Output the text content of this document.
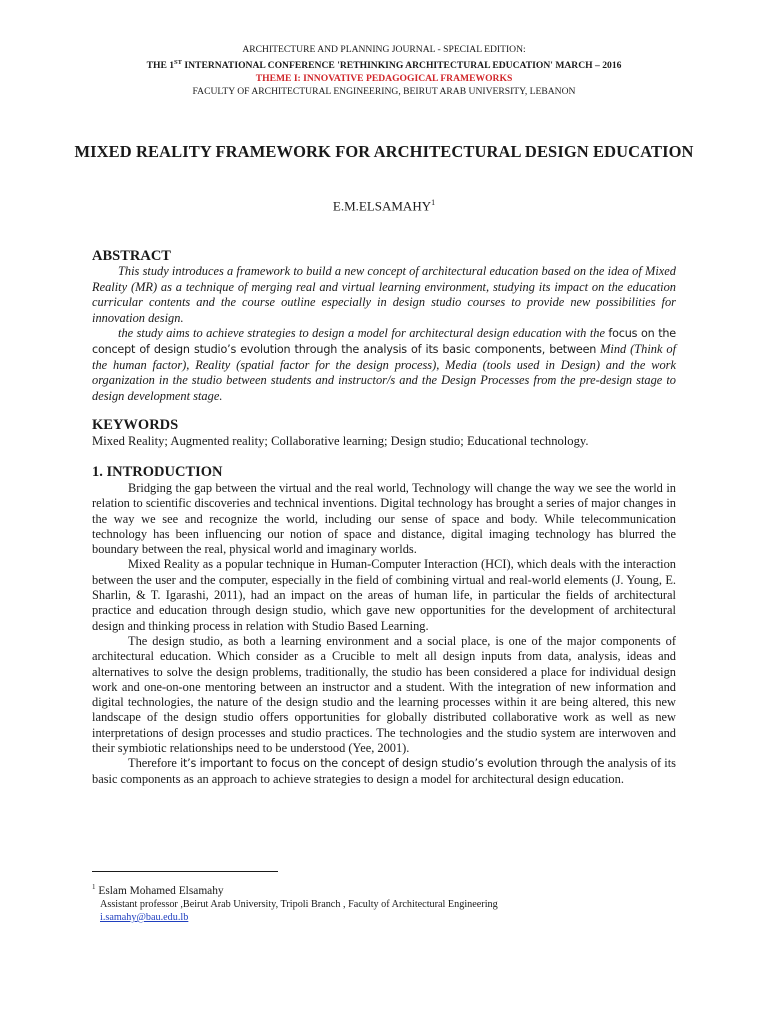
ARCHITECTURE AND PLANNING JOURNAL - SPECIAL EDITION:
THE 1ST INTERNATIONAL CONFERENCE 'RETHINKING ARCHITECTURAL EDUCATION' MARCH – 2016
THEME I: INNOVATIVE PEDAGOGICAL FRAMEWORKS
FACULTY OF ARCHITECTURAL ENGINEERING, BEIRUT ARAB UNIVERSITY, LEBANON
MIXED REALITY FRAMEWORK FOR ARCHITECTURAL DESIGN EDUCATION
E.M.ELSAMAHY$^1$
ABSTRACT

This study introduces a framework to build a new concept of architectural education based on the idea of Mixed Reality (MR) as a technique of merging real and virtual learning environment, studying its impact on the education curricular contents and the course outline especially in design studio courses to provide new possibilities for innovation design.

the study aims to achieve strategies to design a model for architectural design education with the focus on the concept of design studio’s evolution through the analysis of its basic components, between Mind (Think of the human factor), Reality (spatial factor for the design process), Media (tools used in Design) and the work organization in the studio between students and instructor/s and the Design Processes from the pre-design stage to design development stage.

KEYWORDS
Mixed Reality; Augmented reality; Collaborative learning; Design studio; Educational technology.
1. INTRODUCTION

Bridging the gap between the virtual and the real world, Technology will change the way we see the world in relation to scientific discoveries and technical inventions. Digital technology has brought a series of major changes in the way we see and recognize the world, including our sense of space and body. While telecommunication technology has been influencing our notion of space and distance, digital imaging technology has blurred the boundary between the real, physical world and imaginary worlds.

Mixed Reality as a popular technique in Human-Computer Interaction (HCI), which deals with the interaction between the user and the computer, especially in the field of combining virtual and real-world elements (J. Young, E. Sharlin, & T. Igarashi, 2011), had an impact on the areas of human life, in particular the fields of architectural practice and education through design studio, which gave new opportunities for the development of architectural design and thinking process in relation with Studio Based Learning.

The design studio, as both a learning environment and a social place, is one of the major components of architectural education. Which consider as a Crucible to melt all design inputs from data, analysis, ideas and alternatives to solve the design problems, traditionally, the studio has been considered a place for individual design work and one-on-one mentoring between an instructor and a student. With the integration of new information and digital technologies, the nature of the design studio and the learning processes within it are being altered, this new landscape of the design studio offers opportunities for globally distributed collaborative work as well as new interpretations of design processes and studio practices. The technologies and the studio system are interwoven and their symbiotic relationships need to be understood (Yee, 2001).

Therefore it’s important to focus on the concept of design studio’s evolution through the analysis of its basic components as an approach to achieve strategies to design a model for architectural design education.

$^1$ Eslam Mohamed Elsamahy
Assistant professor ,Beirut Arab University, Tripoli Branch , Faculty of Architectural Engineering
i.samahy@bau.edu.lb
